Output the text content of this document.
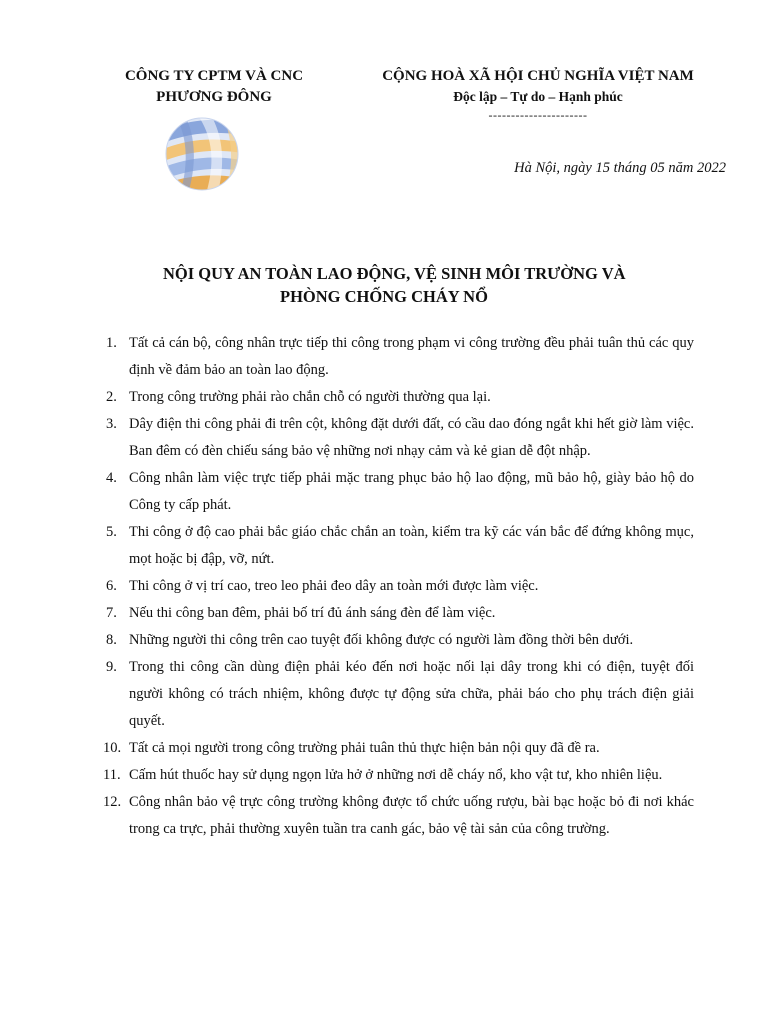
CÔNG TY CPTM VÀ CNC
PHƯƠNG ĐÔNG
CỘNG HOÀ XÃ HỘI CHỦ NGHĨA VIỆT NAM
Độc lập – Tự do – Hạnh phúc
----------------------
Hà Nội, ngày 15 tháng 05 năm 2022
NỘI QUY AN TOÀN LAO ĐỘNG, VỆ SINH MÔI TRƯỜNG VÀ
PHÒNG CHỐNG CHÁY NỔ
1. Tất cả cán bộ, công nhân trực tiếp thi công trong phạm vi công trường đều phải tuân thủ các quy định về đảm bảo an toàn lao động.
2. Trong công trường phải rào chắn chỗ có người thường qua lại.
3. Dây điện thi công phải đi trên cột, không đặt dưới đất, có cầu dao đóng ngắt khi hết giờ làm việc. Ban đêm có đèn chiếu sáng bảo vệ những nơi nhạy cảm và kẻ gian dễ đột nhập.
4. Công nhân làm việc trực tiếp phải mặc trang phục bảo hộ lao động, mũ bảo hộ, giày bảo hộ do Công ty cấp phát.
5. Thi công ở độ cao phải bắc giáo chắc chắn an toàn, kiểm tra kỹ các ván bắc để đứng không mục, mọt hoặc bị đập, vỡ, nứt.
6. Thi công ở vị trí cao, treo leo phải đeo dây an toàn mới được làm việc.
7. Nếu thi công ban đêm, phải bố trí đủ ánh sáng đèn để làm việc.
8. Những người thi công trên cao tuyệt đối không được có người làm đồng thời bên dưới.
9. Trong thi công cần dùng điện phải kéo đến nơi hoặc nối lại dây trong khi có điện, tuyệt đối người không có trách nhiệm, không được tự động sửa chữa, phải báo cho phụ trách điện giải quyết.
10. Tất cả mọi người trong công trường phải tuân thủ thực hiện bản nội quy đã đề ra.
11. Cấm hút thuốc hay sử dụng ngọn lửa hở ở những nơi dễ cháy nổ, kho vật tư, kho nhiên liệu.
12. Công nhân bảo vệ trực công trường không được tổ chức uống rượu, bài bạc hoặc bỏ đi nơi khác trong ca trực, phải thường xuyên tuần tra canh gác, bảo vệ tài sản của công trường.
